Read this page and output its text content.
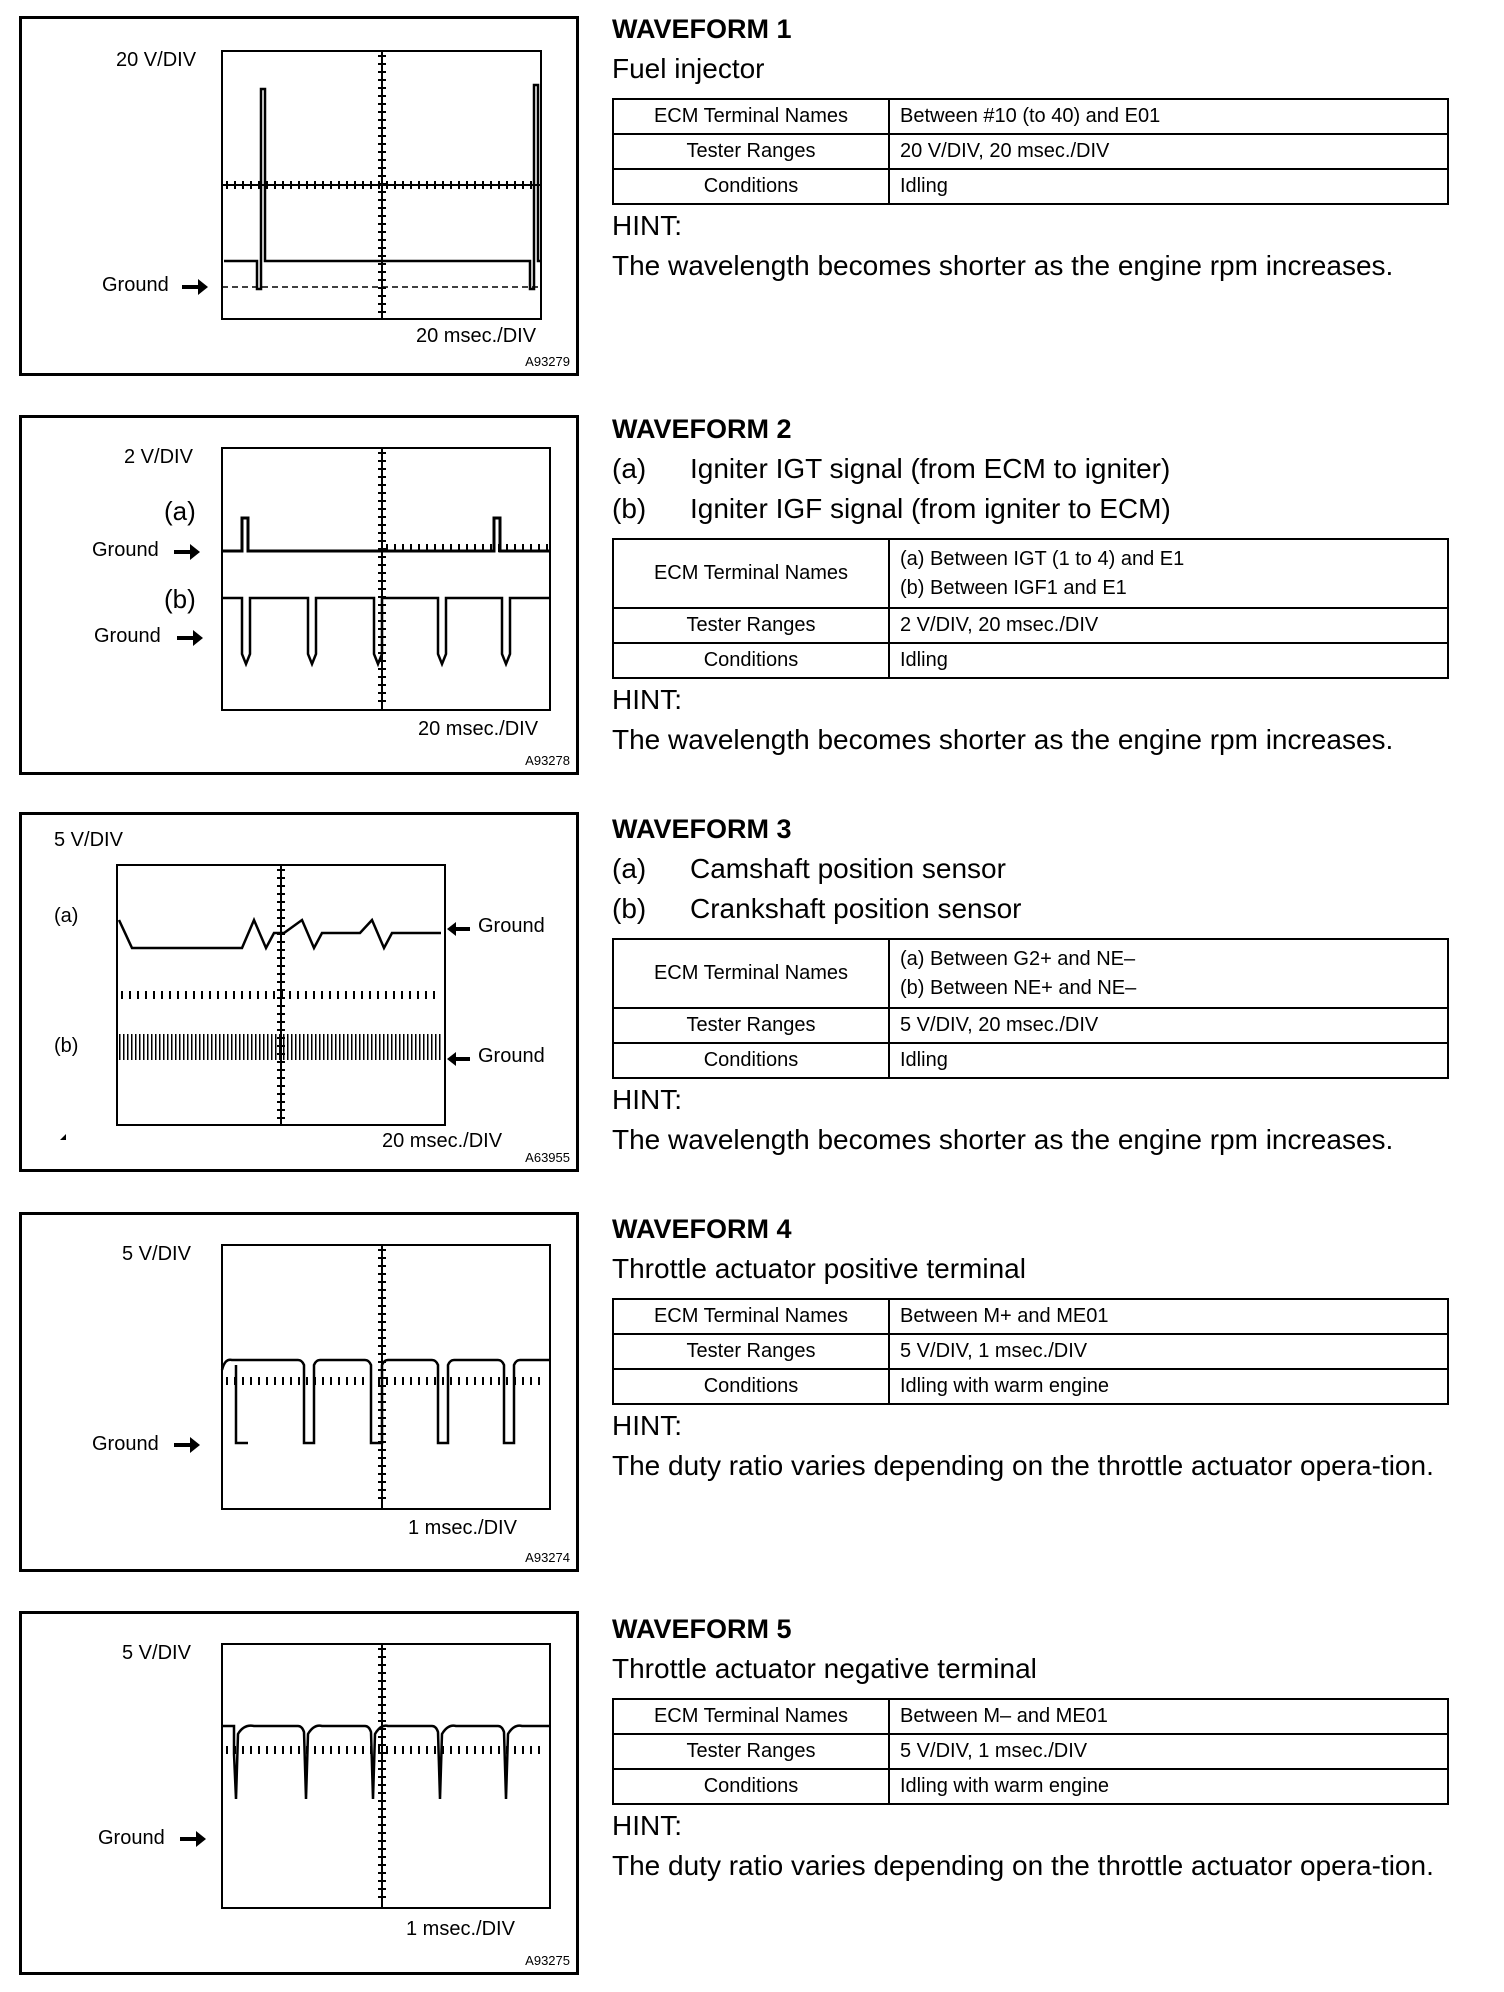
20 V/DIV
Ground
20 msec./DIV
A93279
WAVEFORM 1
Fuel injector
ECM Terminal Names	Between #10 (to 40) and E01
Tester Ranges	20 V/DIV, 20 msec./DIV
Conditions	Idling
HINT:
The wavelength becomes shorter as the engine rpm increases.
2 V/DIV
(a)
Ground
(b)
Ground
20 msec./DIV
A93278
WAVEFORM 2
(a) Igniter IGT signal (from ECM to igniter)
(b) Igniter IGF signal (from igniter to ECM)
ECM Terminal Names	(a) Between IGT (1 to 4) and E1
(b) Between IGF1 and E1

Tester Ranges	2 V/DIV, 20 msec./DIV
Conditions	Idling
HINT:
The wavelength becomes shorter as the engine rpm increases.
5 V/DIV
(a)	Ground
(b)	Ground
20 msec./DIV
A63955
WAVEFORM 3
(a) Camshaft position sensor
(b) Crankshaft position sensor
ECM Terminal Names	(a) Between G2+ and NE–
(b) Between NE+ and NE–

Tester Ranges	5 V/DIV, 20 msec./DIV
Conditions	Idling
HINT:
The wavelength becomes shorter as the engine rpm increases.
5 V/DIV
Ground
1 msec./DIV
A93274
WAVEFORM 4
Throttle actuator positive terminal
ECM Terminal Names	Between M+ and ME01
Tester Ranges	5 V/DIV, 1 msec./DIV
Conditions	Idling with warm engine
HINT:
The duty ratio varies depending on the throttle actuator opera-tion.
5 V/DIV
Ground
1 msec./DIV
A93275
WAVEFORM 5
Throttle actuator negative terminal
ECM Terminal Names	Between M– and ME01
Tester Ranges	5 V/DIV, 1 msec./DIV
Conditions	Idling with warm engine
HINT:
The duty ratio varies depending on the throttle actuator opera-tion.
